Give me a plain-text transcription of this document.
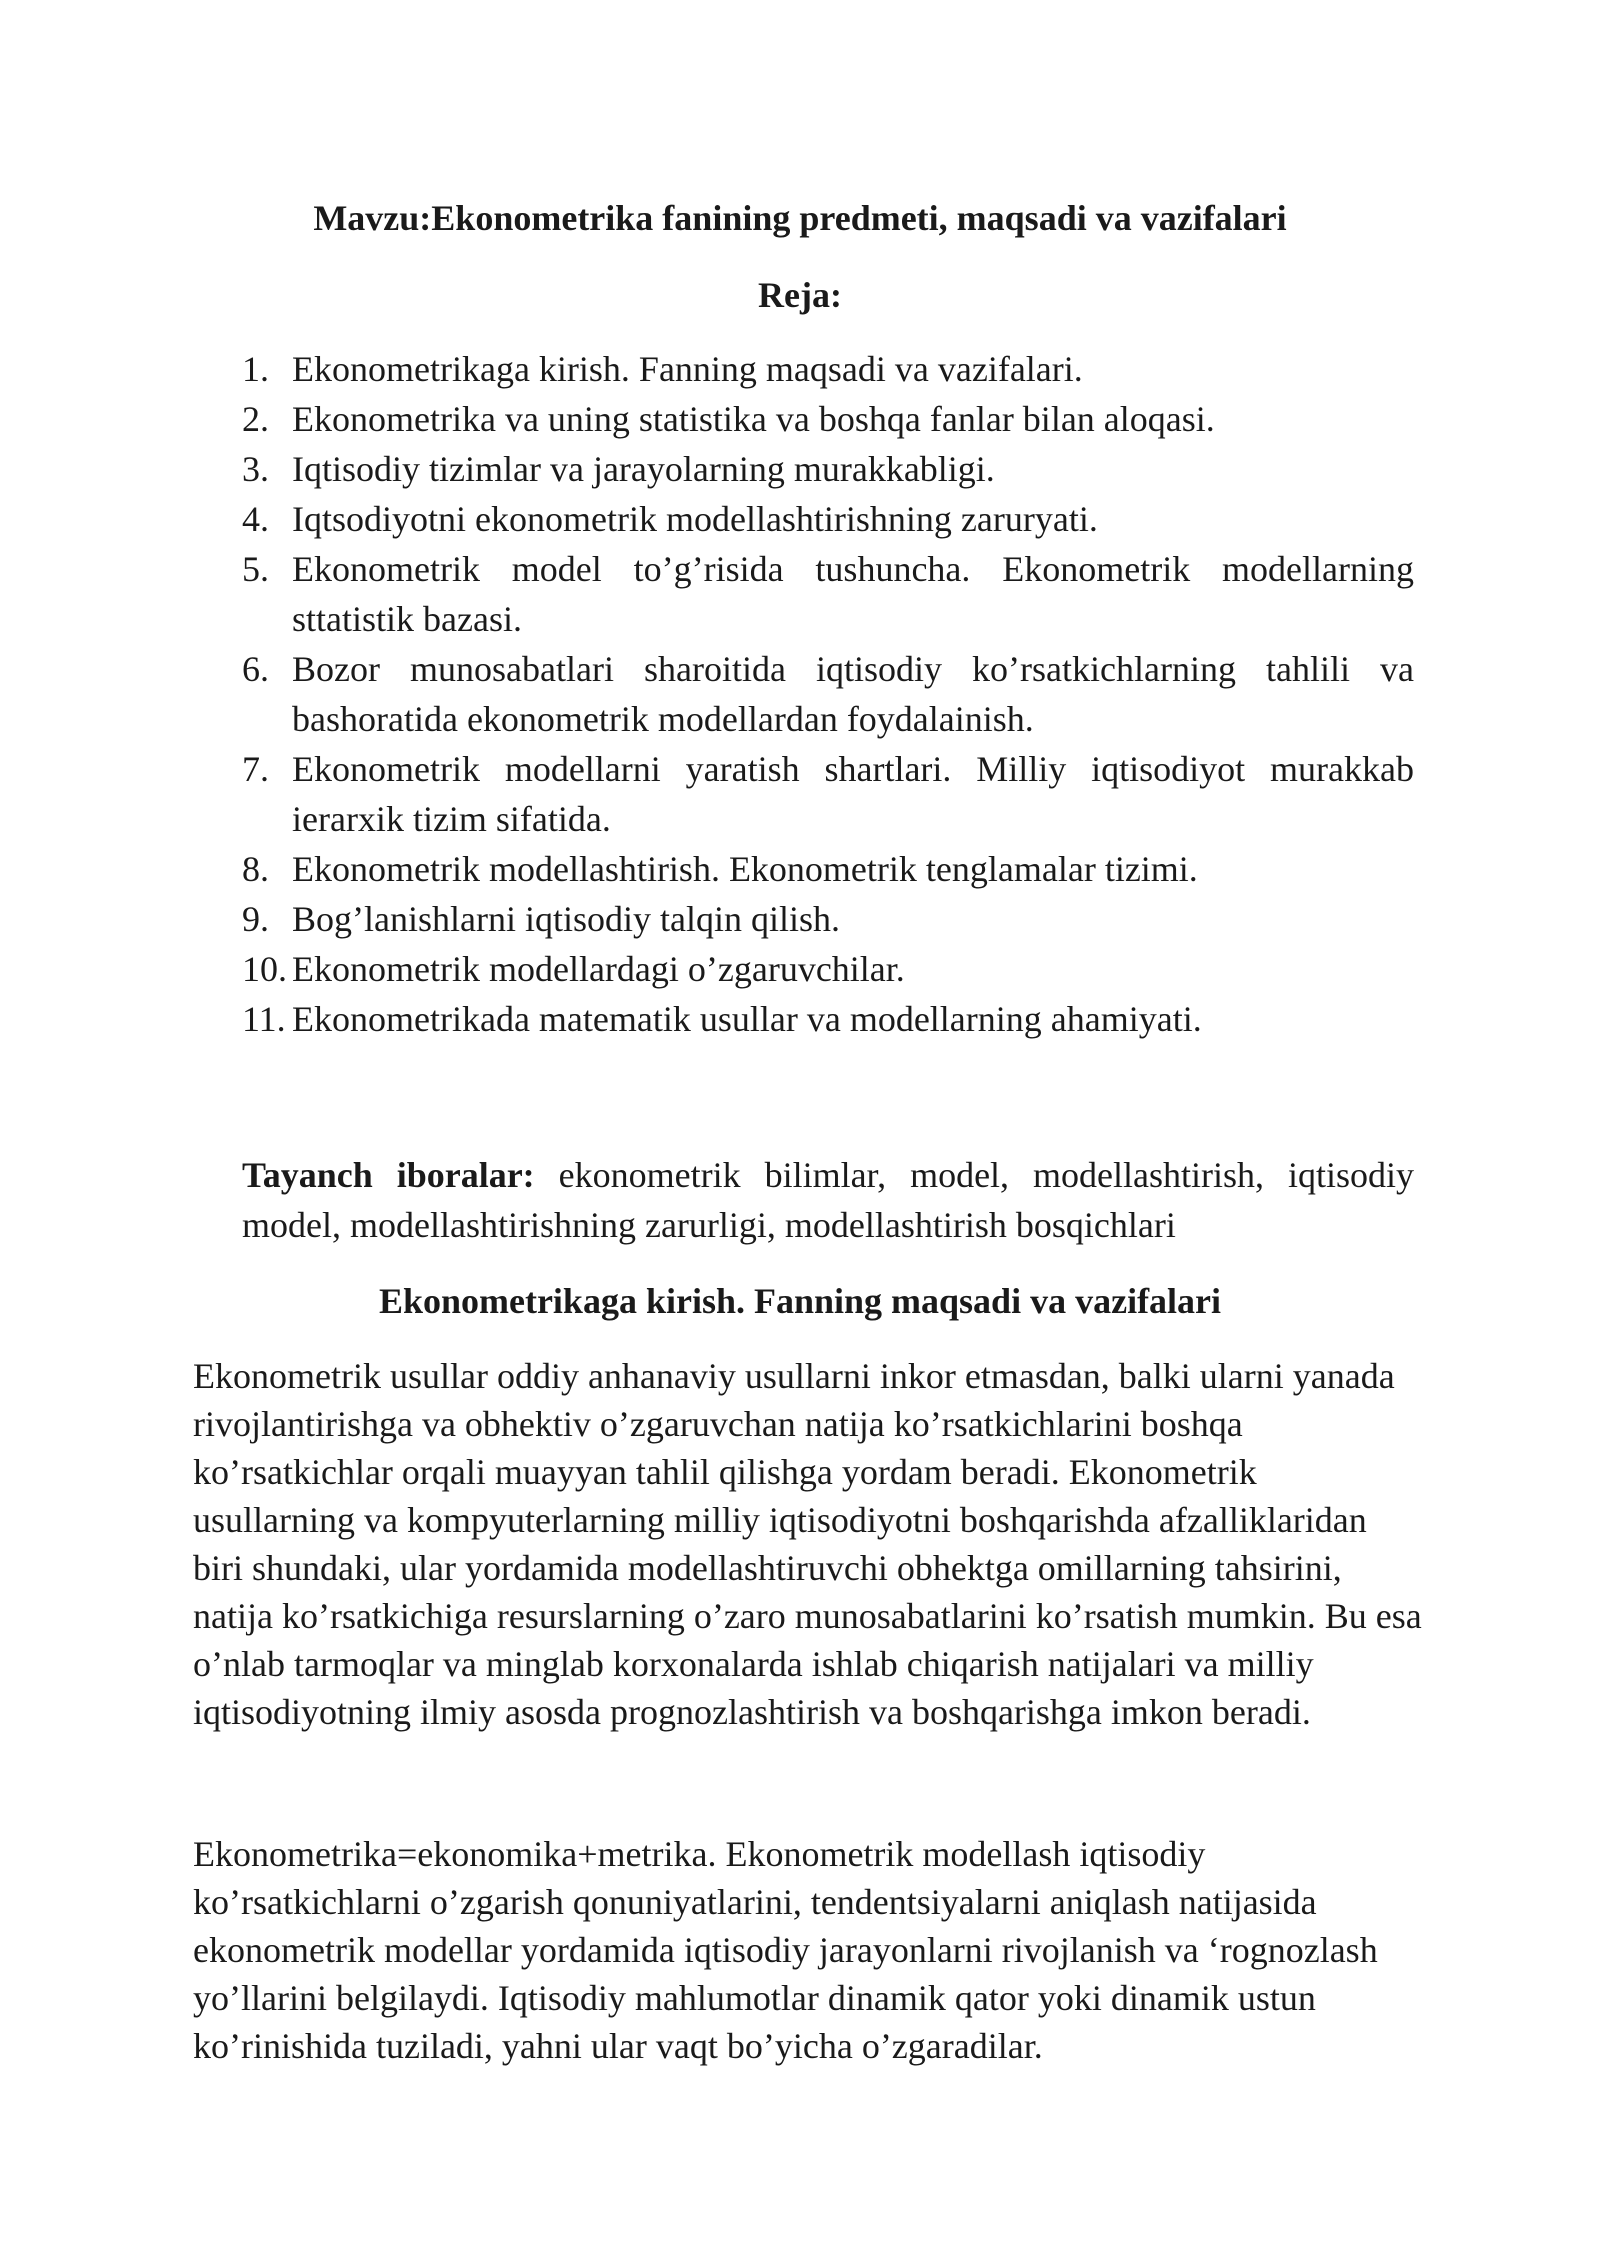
Mavzu:Ekonometrika fanining predmeti, maqsadi va vazifalari
Reja:
1. Ekonometrikaga kirish. Fanning maqsadi va vazifalari.
2. Ekonometrika va uning statistika va boshqa fanlar bilan aloqasi.
3. Iqtisodiy tizimlar va jarayolarning murakkabligi.
4. Iqtsodiyotni ekonometrik modellashtirishning zaruryati.
5. Ekonometrik model to’g’risida tushuncha. Ekonometrik modellarning sttatistik bazasi.
6. Bozor munosabatlari sharoitida iqtisodiy ko’rsatkichlarning tahlili va bashoratida ekonometrik modellardan foydalainish.
7. Ekonometrik modellarni yaratish shartlari. Milliy iqtisodiyot murakkab ierarxik tizim sifatida.
8. Ekonometrik modellashtirish. Ekonometrik tenglamalar tizimi.
9. Bog’lanishlarni iqtisodiy talqin qilish.
10. Ekonometrik modellardagi o’zgaruvchilar.
11. Ekonometrikada matematik usullar va modellarning ahamiyati.

Tayanch iboralar: ekonometrik bilimlar, model, modellashtirish, iqtisodiy model, modellashtirishning zarurligi, modellashtirish bosqichlari

Ekonometrikaga kirish. Fanning maqsadi va vazifalari

Ekonometrik usullar oddiy anhanaviy usullarni inkor etmasdan, balki ularni yanada rivojlantirishga va obhektiv o’zgaruvchan natija ko’rsatkichlarini boshqa ko’rsatkichlar orqali muayyan tahlil qilishga yordam beradi. Ekonometrik usullarning va kompyuterlarning milliy iqtisodiyotni boshqarishda afzalliklaridan biri shundaki, ular yordamida modellashtiruvchi obhektga omillarning tahsirini, natija ko’rsatkichiga resurslarning o’zaro munosabatlarini ko’rsatish mumkin. Bu esa o’nlab tarmoqlar va minglab korxonalarda ishlab chiqarish natijalari va milliy iqtisodiyotning ilmiy asosda prognozlashtirish va boshqarishga imkon beradi.

Ekonometrika=ekonomika+metrika. Ekonometrik modellash iqtisodiy ko’rsatkichlarni o’zgarish qonuniyatlarini, tendentsiyalarni aniqlash natijasida ekonometrik modellar yordamida iqtisodiy jarayonlarni rivojlanish va ‘rognozlash yo’llarini belgilaydi. Iqtisodiy mahlumotlar dinamik qator yoki dinamik ustun ko’rinishida tuziladi, yahni ular vaqt bo’yicha o’zgaradilar.
